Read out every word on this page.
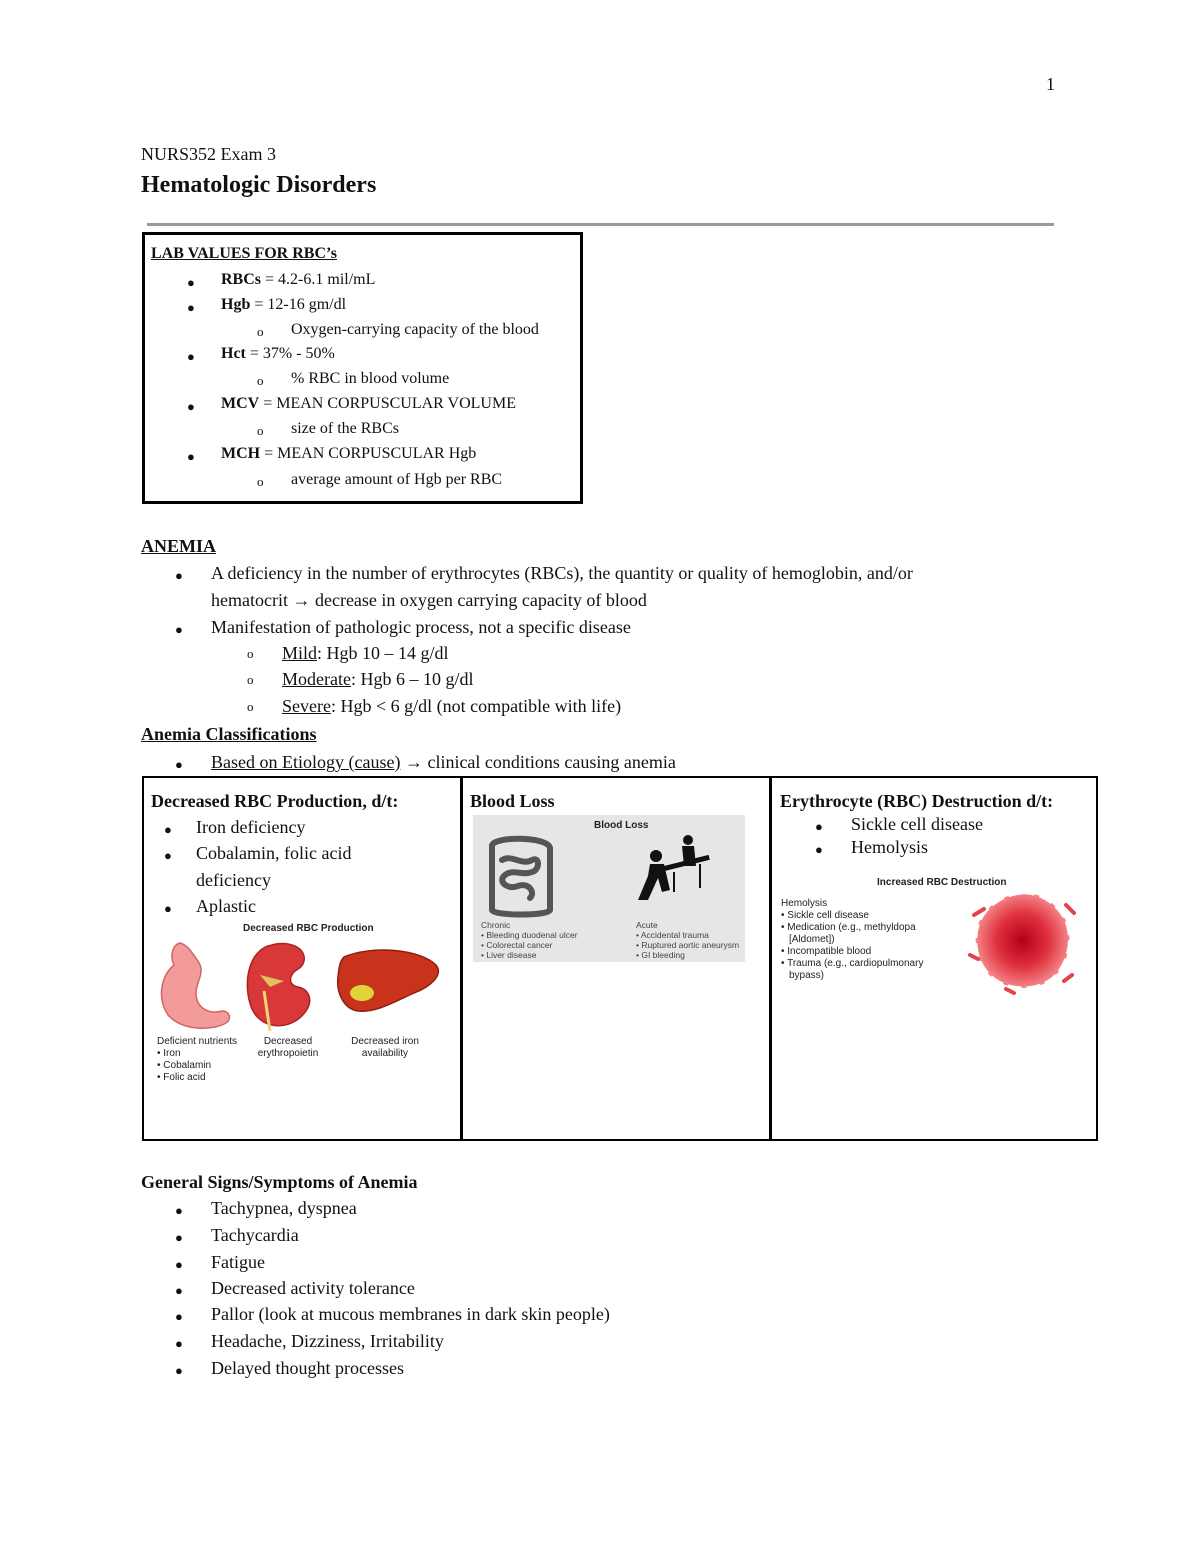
1
NURS352 Exam 3
Hematologic Disorders
LAB VALUES FOR RBC’s
● RBCs = 4.2-6.1 mil/mL
● Hgb = 12-16 gm/dl
o Oxygen-carrying capacity of the blood
● Hct = 37% - 50%
o % RBC in blood volume
● MCV = MEAN CORPUSCULAR VOLUME
o size of the RBCs
● MCH = MEAN CORPUSCULAR Hgb
o average amount of Hgb per RBC
ANEMIA
● A deficiency in the number of erythrocytes (RBCs), the quantity or quality of hemoglobin, and/or
hematocrit → decrease in oxygen carrying capacity of blood
● Manifestation of pathologic process, not a specific disease
o Mild: Hgb 10 – 14 g/dl
o Moderate: Hgb 6 – 10 g/dl
o Severe: Hgb < 6 g/dl (not compatible with life)
Anemia Classifications
● Based on Etiology (cause) → clinical conditions causing anemia
Decreased RBC Production, d/t:
● Iron deficiency
● Cobalamin, folic acid
deficiency
● Aplastic
Decreased RBC Production
Deficient nutrients
• Iron
• Cobalamin
• Folic acid
Decreased
erythropoietin
Decreased iron
availability
Blood Loss
Blood Loss
Chronic
• Bleeding duodenal ulcer
• Colorectal cancer
• Liver disease
Acute
• Accidental trauma
• Ruptured aortic aneurysm
• GI bleeding
Erythrocyte (RBC) Destruction d/t:
● Sickle cell disease
● Hemolysis
Increased RBC Destruction
Hemolysis
• Sickle cell disease
• Medication (e.g., methyldopa
[Aldomet])
• Incompatible blood
• Trauma (e.g., cardiopulmonary
bypass)
General Signs/Symptoms of Anemia
● Tachypnea, dyspnea
● Tachycardia
● Fatigue
● Decreased activity tolerance
● Pallor (look at mucous membranes in dark skin people)
● Headache, Dizziness, Irritability
● Delayed thought processes
